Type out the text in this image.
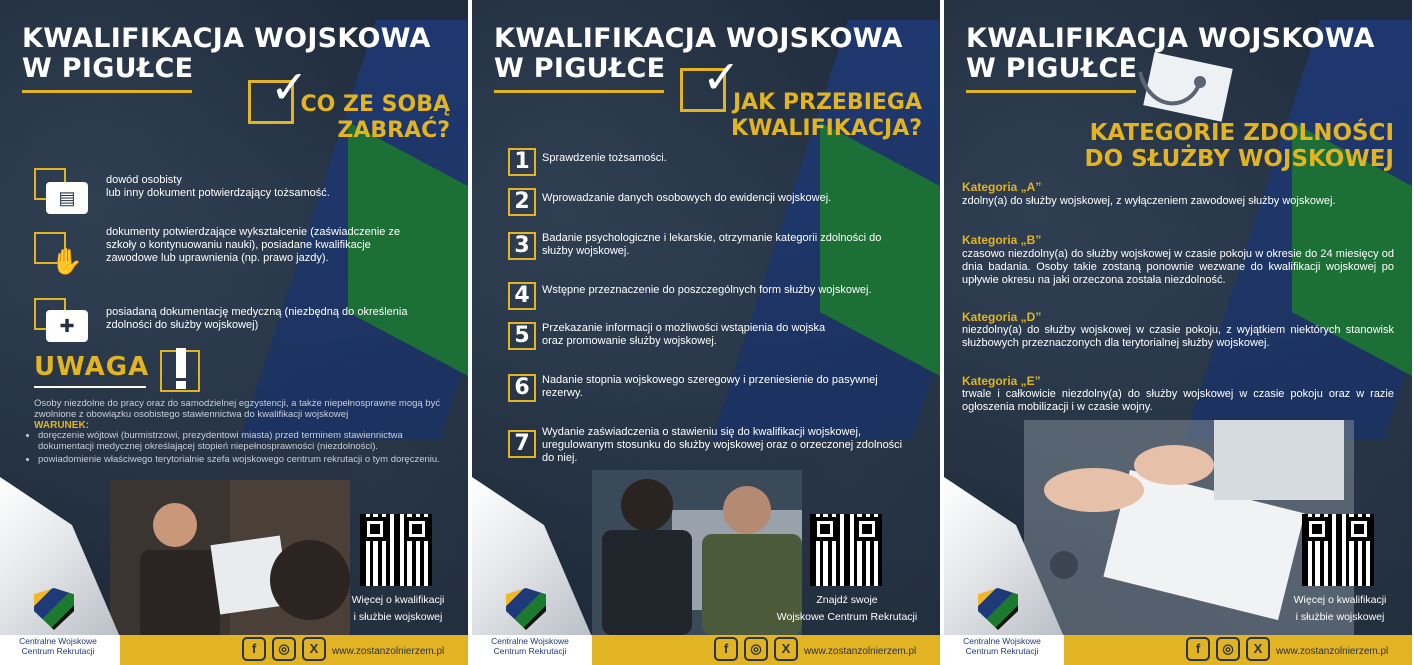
KWALIFIKACJA WOJSKOWA
W PIGUŁCE	✓
CO ZE SOBĄ
ZABRAĆ?
▤
dowód osobisty
lub inny dokument potwierdzający tożsamość.
✋
dokumenty potwierdzające wykształcenie (zaświadczenie ze szkoły o kontynuowaniu nauki), posiadane kwalifikacje zawodowe lub uprawnienia (np. prawo jazdy).
✚
posiadaną dokumentację medyczną (niezbędną do określenia zdolności do służby wojskowej)
UWAGA
Osoby niezdolne do pracy oraz do samodzielnej egzystencji, a także niepełnosprawne mogą być zwolnione z obowiązku osobistego stawiennictwa do kwalifikacji wojskowej
WARUNEK:
• doręczenie wójtowi (burmistrzowi, prezydentowi miasta) przed terminem stawiennictwa dokumentacji medycznej określającej stopień niepełnosprawności (niezdolności).
• powiadomienie właściwego terytorialnie szefa wojskowego centrum rekrutacji o tym doręczeniu.
Więcej o kwalifikacji
i służbie wojskowej
Centralne Wojskowe
Centrum Rekrutacji	f	◎	X	www.zostanzolnierzem.pl
KWALIFIKACJA WOJSKOWA
W PIGUŁCE ✓
JAK PRZEBIEGA
KWALIFIKACJA?
1	Sprawdzenie tożsamości.
2	Wprowadzanie danych osobowych do ewidencji wojskowej.
3	Badanie psychologiczne i lekarskie, otrzymanie kategorii zdolności do służby wojskowej.
4	Wstępne przeznaczenie do poszczególnych form służby wojskowej.
5	Przekazanie informacji o możliwości wstąpienia do wojska oraz promowanie służby wojskowej.
6	Nadanie stopnia wojskowego szeregowy i przeniesienie do pasywnej rezerwy.
7	Wydanie zaświadczenia o stawieniu się do kwalifikacji wojskowej, uregulowanym stosunku do służby wojskowej oraz o orzeczonej zdolności do niej.
Znajdź swoje
Wojskowe Centrum Rekrutacji
Centralne Wojskowe
Centrum Rekrutacji	f	◎	X	www.zostanzolnierzem.pl
KWALIFIKACJA WOJSKOWA
W PIGUŁCE
KATEGORIE ZDOLNOŚCI
DO SŁUŻBY WOJSKOWEJ
Kategoria „A”
zdolny(a) do służby wojskowej, z wyłączeniem zawodowej służby wojskowej.
Kategoria „B”
czasowo niezdolny(a) do służby wojskowej w czasie pokoju w okresie do 24 miesięcy od dnia badania. Osoby takie zostaną ponownie wezwane do kwalifikacji wojskowej po upływie okresu na jaki orzeczona została niezdolność.
Kategoria „D”
niezdolny(a) do służby wojskowej w czasie pokoju, z wyjątkiem niektórych stanowisk służbowych przeznaczonych dla terytorialnej służby wojskowej.
Kategoria „E”
trwale i całkowicie niezdolny(a) do służby wojskowej w czasie pokoju oraz w razie ogłoszenia mobilizacji i w czasie wojny.
Więcej o kwalifikacji
i służbie wojskowej
Centralne Wojskowe
Centrum Rekrutacji	f	◎	X	www.zostanzolnierzem.pl
